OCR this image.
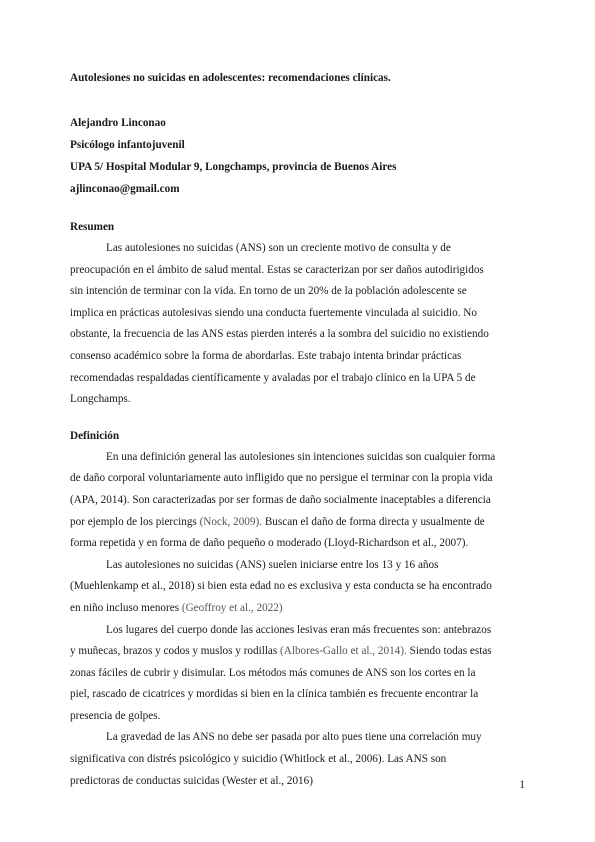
Autolesiones no suicidas en adolescentes: recomendaciones clínicas.

Alejandro Linconao

Psicólogo infantojuvenil

UPA 5/ Hospital Modular 9, Longchamps, provincia de Buenos Aires

ajlinconao@gmail.com

Resumen

Las autolesiones no suicidas (ANS) son un creciente motivo de consulta y de
preocupación en el ámbito de salud mental. Estas se caracterizan por ser daños autodirigidos
sin intención de terminar con la vida. En torno de un 20% de la población adolescente se
implica en prácticas autolesivas siendo una conducta fuertemente vinculada al suicidio. No
obstante, la frecuencia de las ANS estas pierden interés a la sombra del suicidio no existiendo
consenso académico sobre la forma de abordarlas. Este trabajo intenta brindar prácticas
recomendadas respaldadas científicamente y avaladas por el trabajo clínico en la UPA 5 de
Longchamps.

Definición

En una definición general las autolesiones sin intenciones suicidas son cualquier forma
de daño corporal voluntariamente auto infligido que no persigue el terminar con la propia vida
(APA, 2014). Son caracterizadas por ser formas de daño socialmente inaceptables a diferencia
por ejemplo de los piercings (Nock, 2009). Buscan el daño de forma directa y usualmente de
forma repetida y en forma de daño pequeño o moderado (Lloyd-Richardson et al., 2007).

Las autolesiones no suicidas (ANS) suelen iniciarse entre los 13 y 16 años
(Muehlenkamp et al., 2018) si bien esta edad no es exclusiva y esta conducta se ha encontrado
en niño incluso menores (Geoffroy et al., 2022)

Los lugares del cuerpo donde las acciones lesivas eran más frecuentes son: antebrazos
y muñecas, brazos y codos y muslos y rodillas (Albores-Gallo et al., 2014). Siendo todas estas
zonas fáciles de cubrir y disimular. Los métodos más comunes de ANS son los cortes en la
piel, rascado de cicatrices y mordidas si bien en la clínica también es frecuente encontrar la
presencia de golpes.

La gravedad de las ANS no debe ser pasada por alto pues tiene una correlación muy
significativa con distrés psicológico y suicidio (Whitlock et al., 2006). Las ANS son
predictoras de conductas suicidas (Wester et al., 2016)	1
